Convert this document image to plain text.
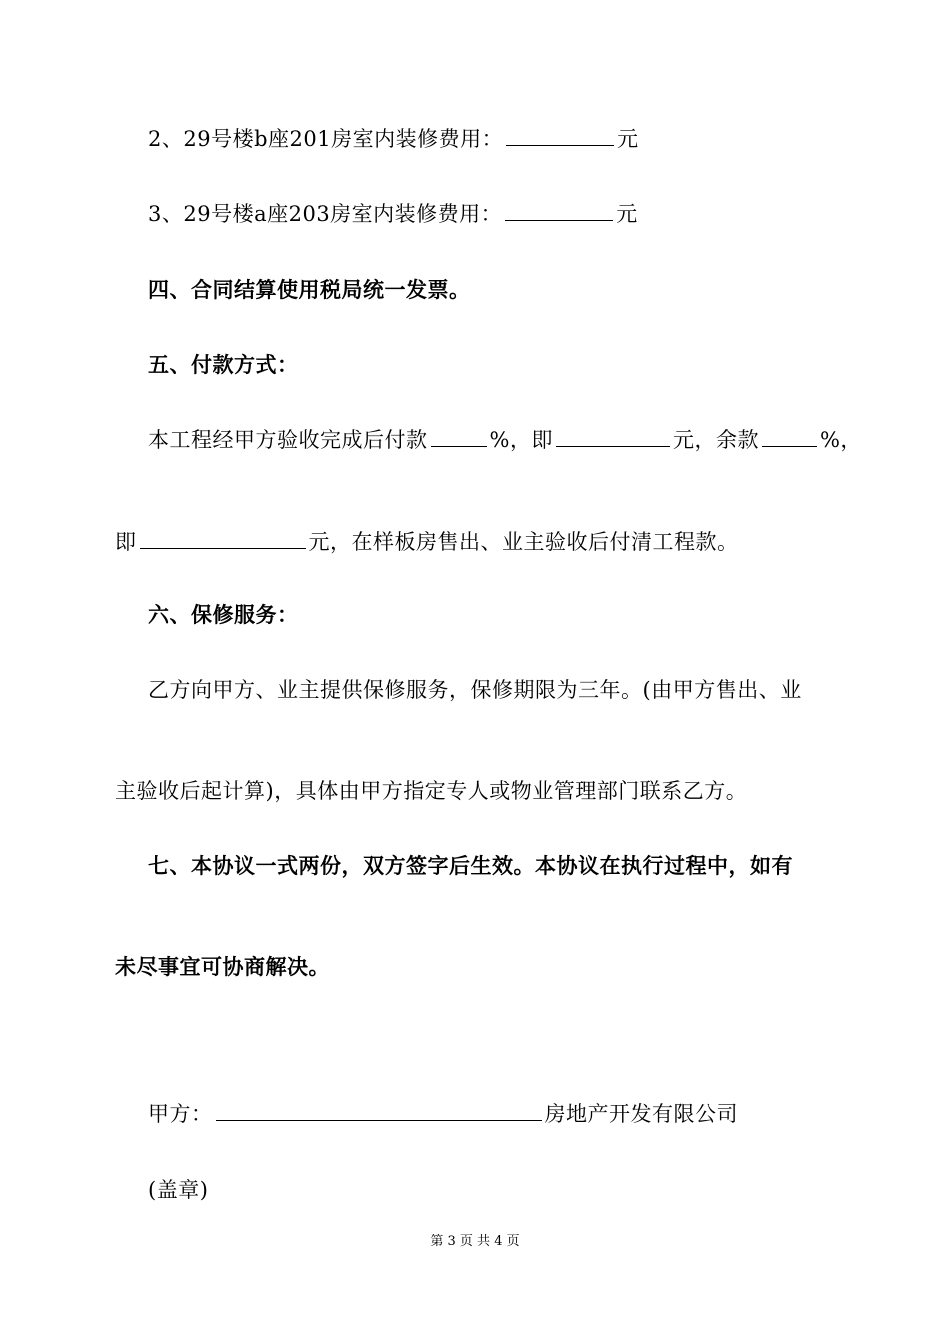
2、29号楼b座201房室内装修费用：	元
3、29号楼a座203房室内装修费用：	元
四、合同结算使用税局统一发票。
五、付款方式：
本工程经甲方验收完成后付款	%，即	元，余款	%，
即	元，在样板房售出、业主验收后付清工程款。
六、保修服务：
乙方向甲方、业主提供保修服务，保修期限为三年。(由甲方售出、业
主验收后起计算)，具体由甲方指定专人或物业管理部门联系乙方。
七、本协议一式两份，双方签字后生效。本协议在执行过程中，如有
未尽事宜可协商解决。
甲方：	房地产开发有限公司
(盖章)
第 3 页 共 4 页
